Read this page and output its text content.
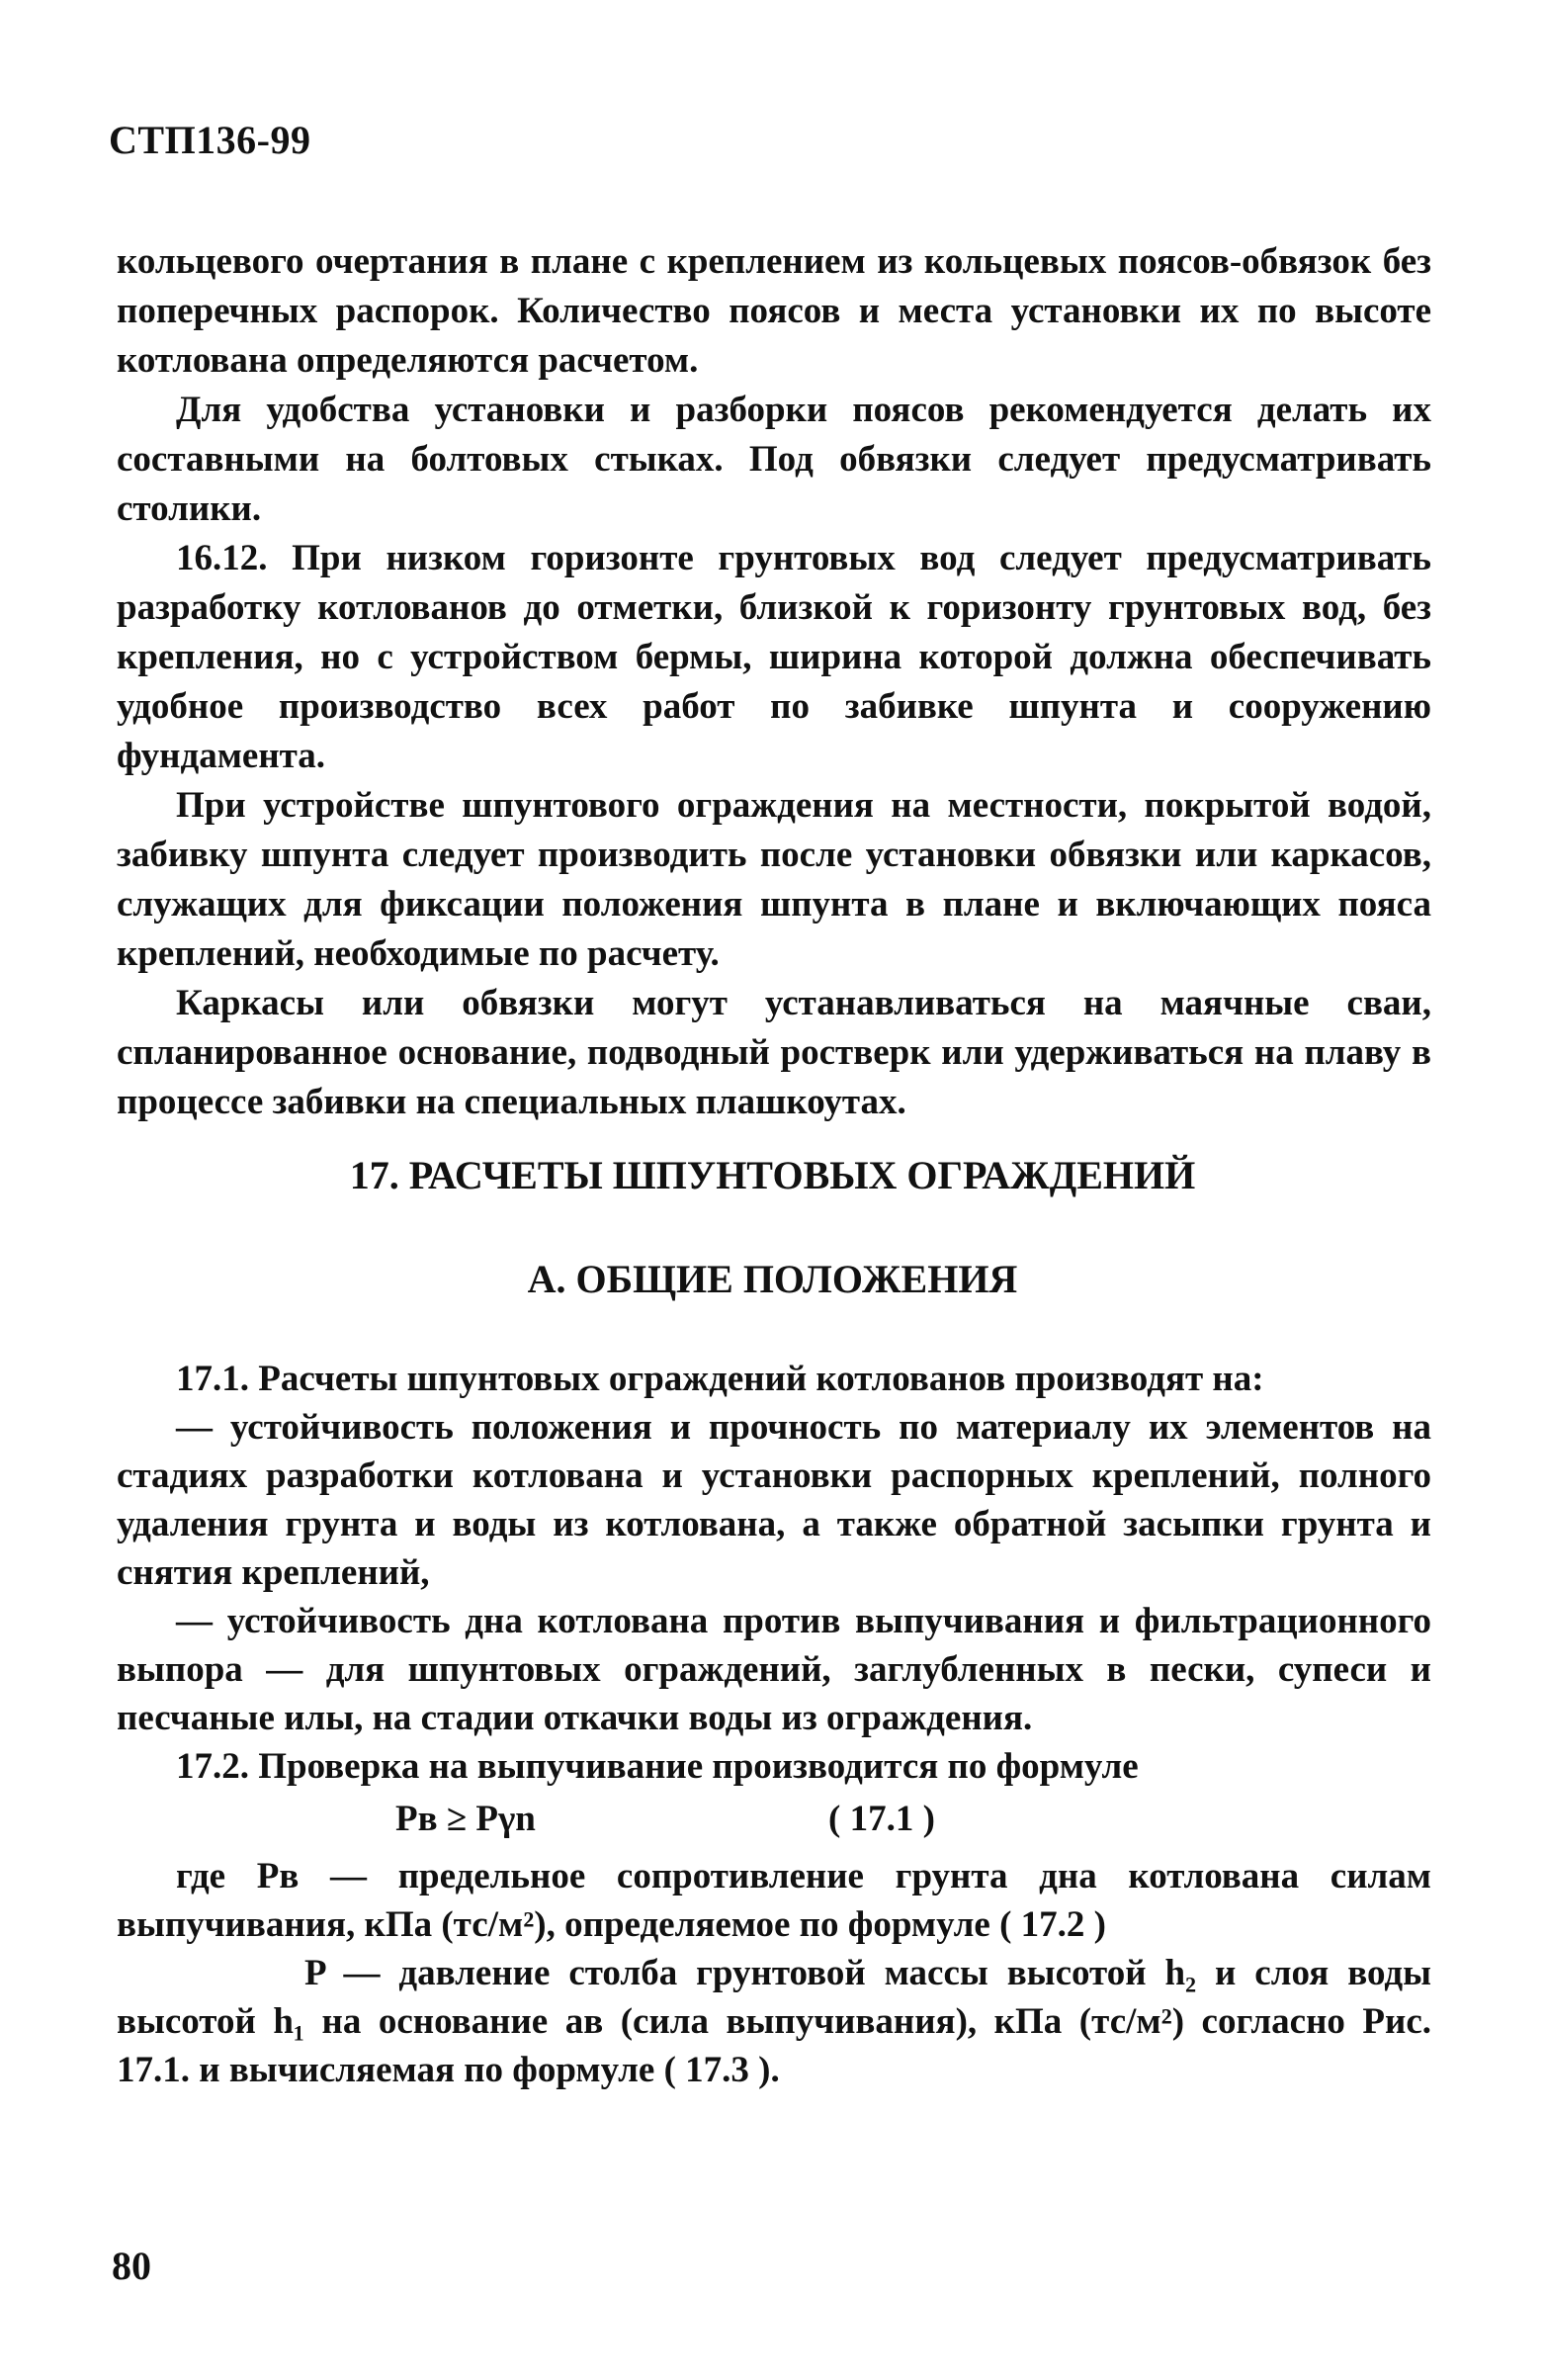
СТП136-99

кольцевого очертания в плане с креплением из кольцевых поясов-обвязок без поперечных распорок. Количество поясов и места установки их по высоте котлована определяются расчетом.

Для удобства установки и разборки поясов рекомендуется делать их составными на болтовых стыках. Под обвязки следует предусматривать столики.

16.12. При низком горизонте грунтовых вод следует предусматривать разработку котлованов до отметки, близкой к горизонту грунтовых вод, без крепления, но с устройством бермы, ширина которой должна обеспечивать удобное производство всех работ по забивке шпунта и сооружению фундамента.

При устройстве шпунтового ограждения на местности, покрытой водой, забивку шпунта следует производить после установки обвязки или каркасов, служащих для фиксации положения шпунта в плане и включающих пояса креплений, необходимые по расчету.

Каркасы или обвязки могут устанавливаться на маячные сваи, спланированное основание, подводный ростверк или удерживаться на плаву в процессе забивки на специальных плашкоутах.

17. РАСЧЕТЫ ШПУНТОВЫХ ОГРАЖДЕНИЙ
А. ОБЩИЕ ПОЛОЖЕНИЯ

17.1. Расчеты шпунтовых ограждений котлованов производят на:

— устойчивость положения и прочность по материалу их элементов на стадиях разработки котлована и установки распорных креплений, полного удаления грунта и воды из котлована, а также обратной засыпки грунта и снятия креплений,

— устойчивость дна котлована против выпучивания и фильтрационного выпора — для шпунтовых ограждений, заглубленных в пески, супеси и песчаные илы, на стадии откачки воды из ограждения.

17.2. Проверка на выпучивание производится по формуле

Pв ≥ Pγn	( 17.1 )

где Pв — предельное сопротивление грунта дна котлована силам выпучивания, кПа (тс/м²), определяемое по формуле ( 17.2 )

P — давление столба грунтовой массы высотой h₂ и слоя воды высотой h₁ на основание ав (сила выпучивания), кПа (тс/м²) согласно Рис. 17.1. и вычисляемая по формуле ( 17.3 ).

80
